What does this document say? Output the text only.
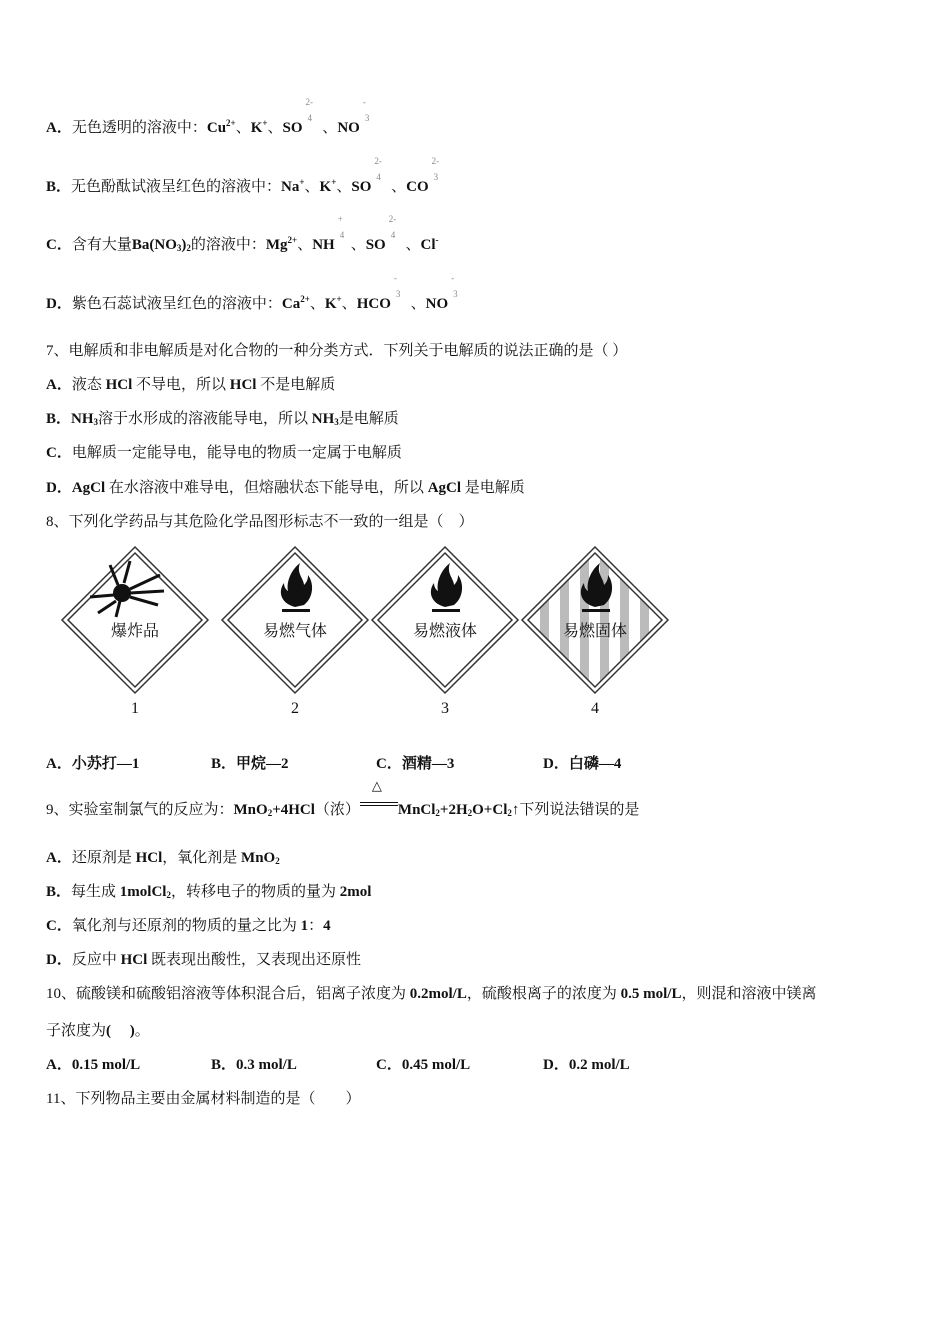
A．无色透明的溶液中：$Cu^{2+}$、K+、SO
2-
4
、NO
-
3
B．无色酚酞试液呈红色的溶液中：Na+、K+、SO
2-
4
、CO
2-
3
C．含有大量$Ba(NO_3)_2$的溶液中：$Mg^{2+}$、NH
+
4
、SO
2-
4
、Cl-
D．紫色石蕊试液呈红色的溶液中：$Ca^{2+}$、K+、HCO
-
3
、NO
-
3
7、电解质和非电解质是对化合物的一种分类方式．下列关于电解质的说法正确的是（ ）
A．液态 HCl 不导电，所以 HCl 不是电解质
B．$NH_3$溶于水形成的溶液能导电，所以 $NH_3$是电解质
C．电解质一定能导电，能导电的物质一定属于电解质
D．AgCl 在水溶液中难导电，但熔融状态下能导电，所以 AgCl 是电解质
8、下列化学药品与其危险化学品图形标志不一致的一组是（　）
9、实验室制氯气的反应为：MnO$_2$+4HCl（浓）
△
$MnCl_2+2H_2O+Cl_2↑$下列说法错误的是
A．还原剂是 HCl，氧化剂是 MnO$_2$
B．每生成 1molCl$_2$，转移电子的物质的量为 2mol
C．氧化剂与还原剂的物质的量之比为 1：4
D．反应中 HCl 既表现出酸性，又表现出还原性
10、硫酸镁和硫酸铝溶液等体积混合后，铝离子浓度为 0.2mol/L，硫酸根离子的浓度为 0.5 mol/L，则混和溶液中镁离
子浓度为(　 )。
11、下列物品主要由金属材料制造的是（　　）
爆炸品
1
易燃气体
2
易燃液体
3
易燃固体
4
A．小苏打—1	B．甲烷—2	C．酒精—3	D．白磷—4
A．0.15 mol/L	B．0.3 mol/L	C．0.45 mol/L	D．0.2 mol/L
